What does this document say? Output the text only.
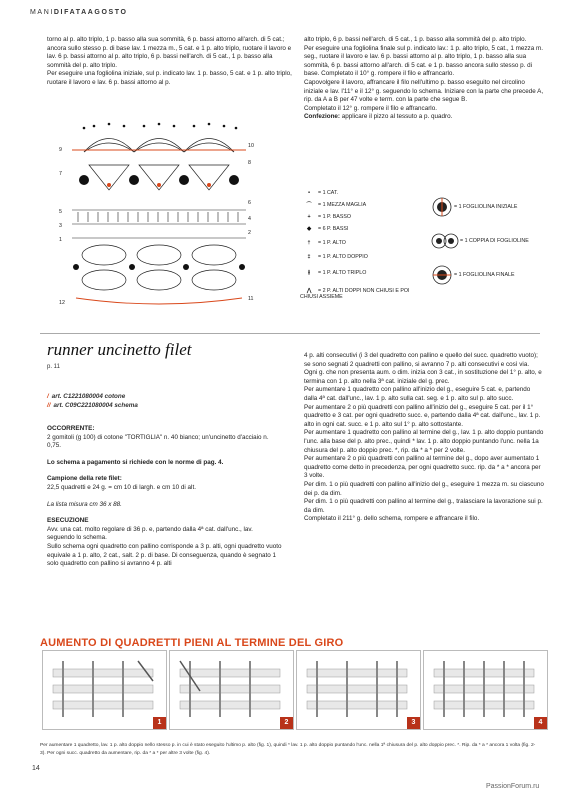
MANIDIFATAAGOSTO

torno al p. alto triplo, 1 p. basso alla sua sommità, 6 p. bassi attorno all'arch. di 5 cat.; ancora sullo stesso p. di base lav. 1 mezza m., 5 cat. e 1 p. alto triplo, ruotare il lavoro e lav. 6 p. bassi attorno al p. alto triplo, 6 p. bassi nell'arch. di 5 cat., 1 p. basso alla sommità del p. alto triplo.

Per eseguire una fogliolina iniziale, sul p. indicato lav. 1 p. basso, 5 cat. e 1 p. alto triplo, ruotare il lavoro e lav. 6 p. bassi attorno al p.

alto triplo, 6 p. bassi nell'arch. di 5 cat., 1 p. basso alla sommità del p. alto triplo.

Per eseguire una fogliolina finale sul p. indicato lav.: 1 p. alto triplo, 5 cat., 1 mezza m. seg., ruotare il lavoro e lav. 6 p. bassi attorno al p. alto triplo, 1 p. basso alla sua sommità, 6 p. bassi attorno all'arch. di 5 cat. e 1 p. basso ancora sullo stesso p. di base. Completato il 10° g. rompere il filo e affrancarlo.

Capovolgere il lavoro, affrancare il filo nell'ultimo p. basso eseguito nel circolino iniziale e lav. l'11° e il 12° g. seguendo lo schema. Iniziare con la parte che precede A, rip. da A a B per 47 volte e term. con la parte che segue B.

Completato il 12° g. rompere il filo e affrancarlo.

Confezione: applicare il pizzo al tessuto a p. quadro.

9
7
5
3
1
10
8
6
4
2
12
11
• = 1 CAT.
⌒ = 1 MEZZA MAGLIA
+ = 1 P. BASSO
◆ = 6 P. BASSI
† = 1 P. ALTO
‡ = 1 P. ALTO DOPPIO
⫲ = 1 P. ALTO TRIPLO
⋀ = 2 P. ALTI DOPPI NON CHIUSI E POI CHIUSI ASSIEME
= 1 FOGLIOLINA INIZIALE
= 1 COPPIA DI FOGLIOLINE
= 1 FOGLIOLINA FINALE
runner uncinetto filet
p. 11
/ art. C1221080004 cotone
// art. C09C221080004 schema

OCCORRENTE:

2 gomitoli (g 100) di cotone "TORTIGLIA" n. 40 bianco; un'uncinetto d'acciaio n. 0,75.

Lo schema a pagamento si richiede con le norme di pag. 4.

Campione della rete filet:

22,5 quadretti e 24 g. = cm 10 di largh. e cm 10 di alt.

La lista misura cm 36 x 88.

ESECUZIONE

Avv. una cat. molto regolare di 36 p. e, partendo dalla 4ª cat. dall'unc., lav. seguendo lo schema.

Sullo schema ogni quadretto con pallino corrisponde a 3 p. alti, ogni quadretto vuoto equivale a 1 p. alto, 2 cat., salt. 2 p. di base. Di conseguenza, quando è segnato 1 solo quadretto con pallino si avranno 4 p. alti

4 p. alti consecutivi (i 3 del quadretto con pallino e quello del succ. quadretto vuoto); se sono segnati 2 quadretti con pallino, si avranno 7 p. alti consecutivi e così via.

Ogni g. che non presenta aum. o dim. inizia con 3 cat., in sostituzione del 1° p. alto, e termina con 1 p. alto nella 3ª cat. iniziale del g. prec.

Per aumentare 1 quadretto con pallino all'inizio del g., eseguire 5 cat. e, partendo dalla 4ª cat. dall'unc., lav. 1 p. alto sulla cat. seg. e 1 p. alto sul p. alto succ.

Per aumentare 2 o più quadretti con pallino all'inizio del g., eseguire 5 cat. per il 1° quadretto e 3 cat. per ogni quadretto succ. e, partendo dalla 4ª cat. dall'unc., lav. 1 p. alto in ogni cat. succ. e 1 p. alto sul 1° p. alto sottostante.

Per aumentare 1 quadretto con pallino al termine del g., lav. 1 p. alto doppio puntando l'unc. alla base del p. alto prec., quindi * lav. 1 p. alto doppio puntando l'unc. nella 1a chiusura del p. alto doppio prec. *, rip. da * a * per 2 volte.

Per aumentare 2 o più quadretti con pallino al termine del g., dopo aver aumentato 1 quadretto come detto in precedenza, per ogni quadretto succ. rip. da * a * ancora per 3 volte.

Per dim. 1 o più quadretti con pallino all'inizio del g., eseguire 1 mezza m. su ciascuno dei p. da dim.

Per dim. 1 o più quadretti con pallino al termine del g., tralasciare la lavorazione sui p. da dim.

Completato il 211° g. dello schema, rompere e affrancare il filo.

AUMENTO DI QUADRETTI PIENI AL TERMINE DEL GIRO
1	2	3	4
Per aumentare 1 quadretto, lav. 1 p. alto doppio nello stesso p. in cui è stato eseguito l'ultimo p. alto (fig. 1), quindi * lav. 1 p. alto doppio puntando l'unc. nella 1ª chiusura del p. alto doppio prec. *. Rip. da * a * ancora 1 volta (fig. 2-3). Per ogni succ. quadretto da aumentare, rip. da * a * per altre 3 volte (fig. 4).
14
PassionForum.ru
